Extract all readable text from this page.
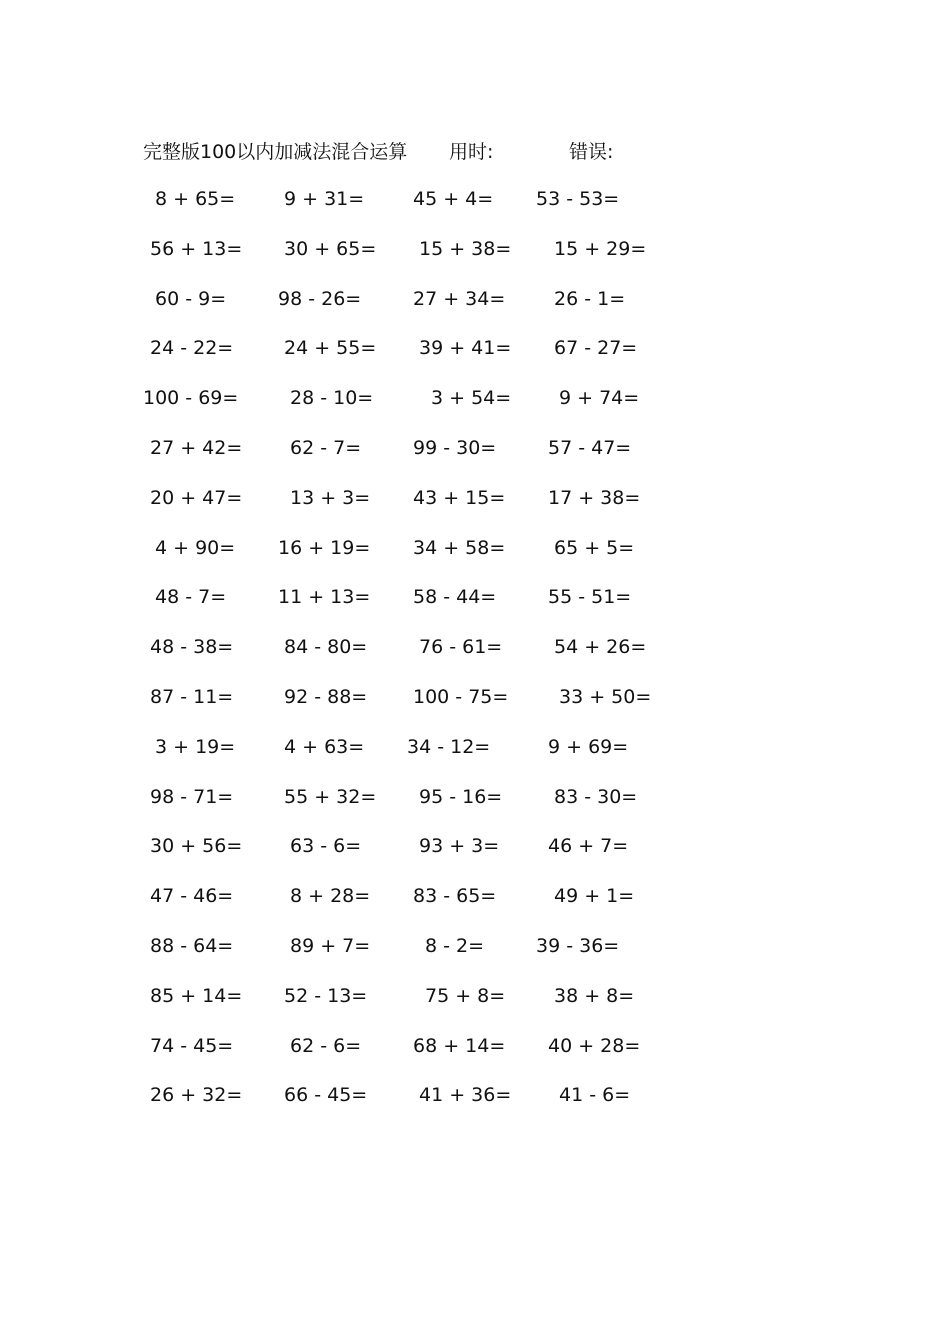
完整版100以内加减法混合运算 用时:	错误:
8 + 65=	9 + 31=	45 + 4= 53 - 53=
56 + 13= 30 + 65= 15 + 38= 15 + 29=
60 - 9=	98 - 26=	27 + 34=	26 - 1=
24 - 22=	24 + 55= 39 + 41= 67 - 27=
100 - 69=	28 - 10=	3 + 54=	9 + 74=
27 + 42=	62 - 7=	99 - 30=	57 - 47=
20 + 47=	13 + 3= 43 + 15= 17 + 38=
4 + 90= 16 + 19= 34 + 58=	65 + 5=
48 - 7=	11 + 13= 58 - 44=	55 - 51=
48 - 38=	84 - 80=	76 - 61=	54 + 26=
87 - 11=	92 - 88= 100 - 75=	33 + 50=
3 + 19=	4 + 63= 34 - 12=	9 + 69=
98 - 71=	55 + 32= 95 - 16=	83 - 30=
30 + 56=	63 - 6=	93 + 3=	46 + 7=
47 - 46=	8 + 28= 83 - 65=	49 + 1=
88 - 64=	89 + 7=	8 - 2=	39 - 36=
85 + 14= 52 - 13=	75 + 8=	38 + 8=
74 - 45=	62 - 6=	68 + 14= 40 + 28=
26 + 32= 66 - 45=	41 + 36=	41 - 6=
